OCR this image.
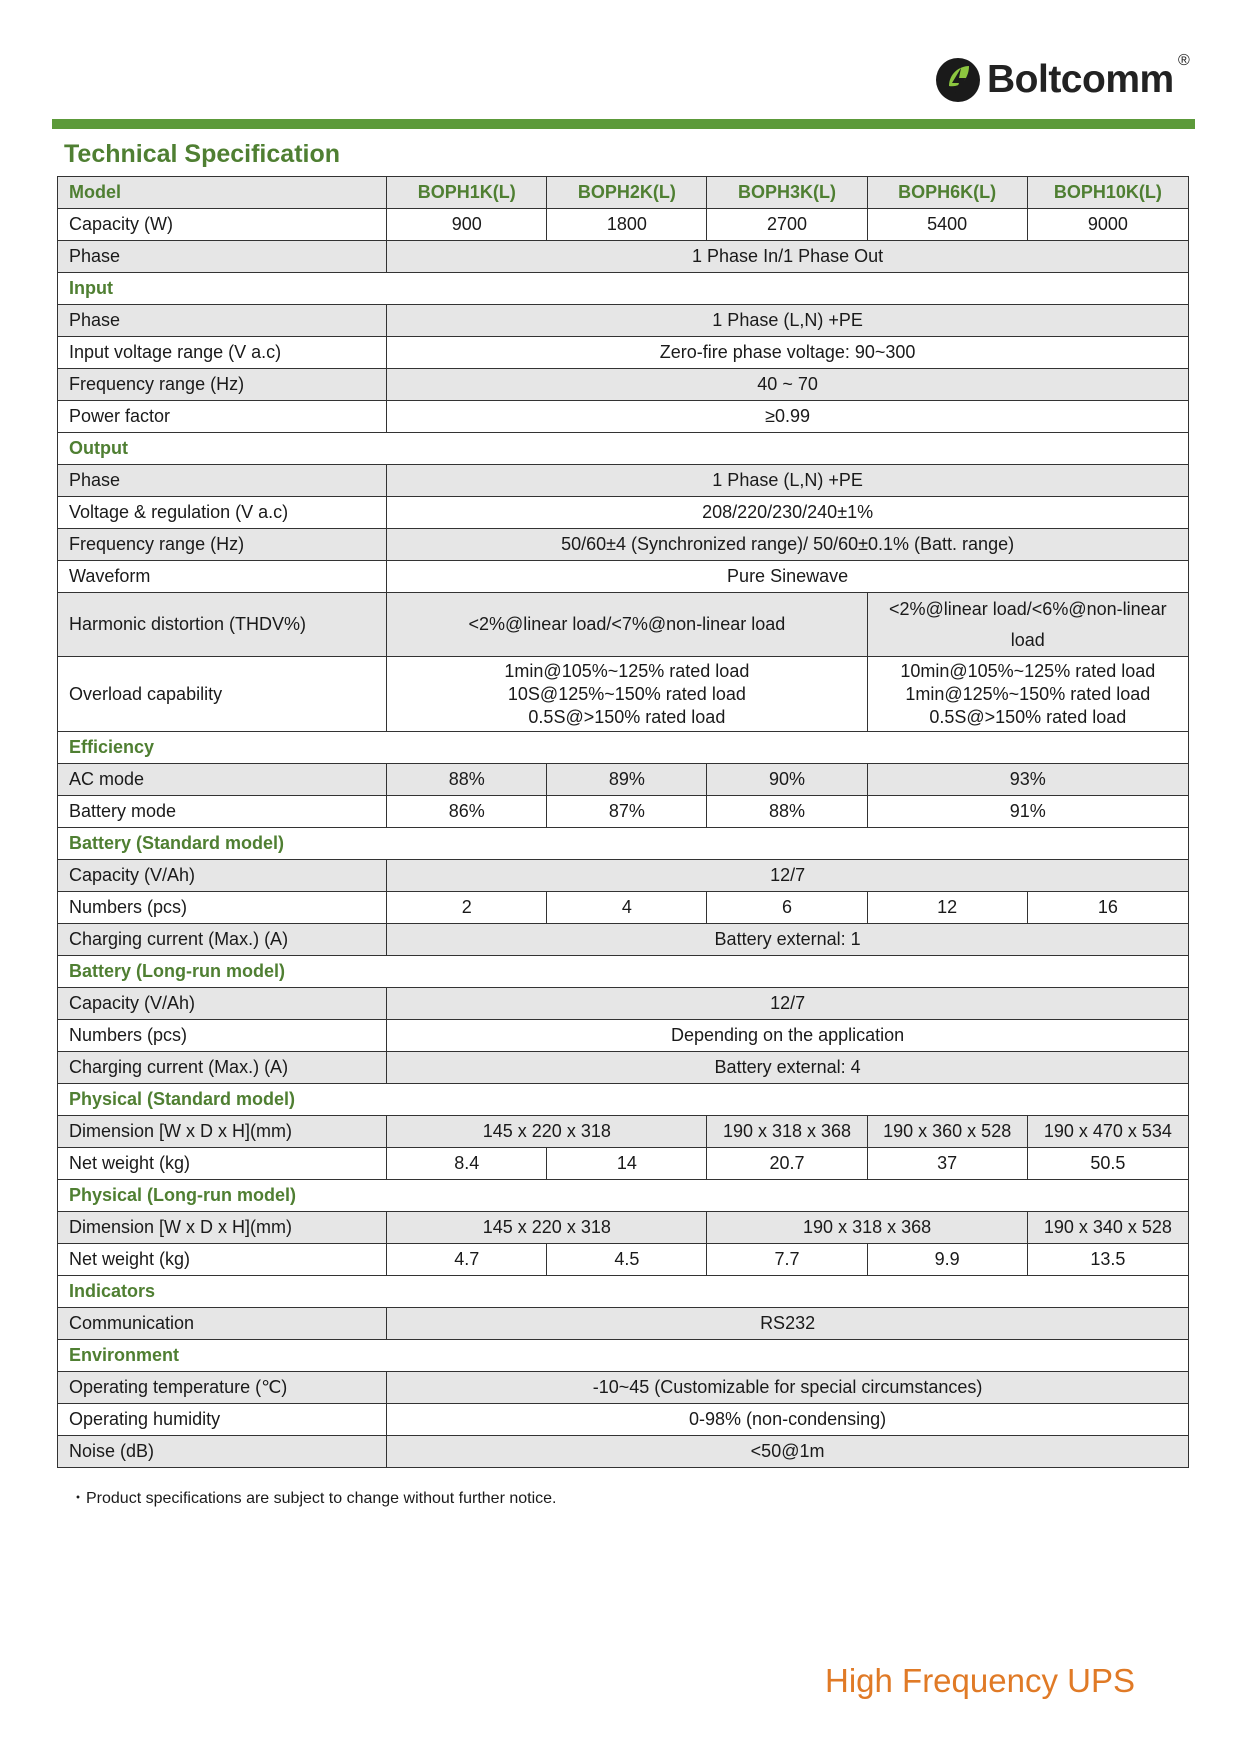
Boltcomm ®
Technical Specification
Model	BOPH1K(L)	BOPH2K(L)	BOPH3K(L)	BOPH6K(L)	BOPH10K(L)
Capacity (W)	900	1800	2700	5400	9000
Phase	1 Phase In/1 Phase Out				
Input					
Phase	1 Phase (L,N) +PE				
Input voltage range (V a.c)	Zero-fire phase voltage: 90~300				
Frequency range (Hz)	40 ~ 70				
Power factor	≥0.99				
Output					
Phase	1 Phase (L,N) +PE				
Voltage & regulation (V a.c)	208/220/230/240±1%				
Frequency range (Hz)	50/60±4 (Synchronized range)/ 50/60±0.1% (Batt. range)				
Waveform	Pure Sinewave				
Harmonic distortion (THDV%)	<2%@linear load/<7%@non-linear load			<2%@linear load/<6%@non-linear
load	

Overload capability	1min@105%~125% rated load
10S@125%~150% rated load
0.5S@>150% rated load			10min@105%~125% rated load
1min@125%~150% rated load
0.5S@>150% rated load	

Efficiency					
AC mode	88%	89%	90%	93%	
Battery mode	86%	87%	88%	91%	
Battery (Standard model)					
Capacity (V/Ah)	12/7				
Numbers (pcs)	2	4	6	12	16
Charging current (Max.) (A)	Battery external: 1				
Battery (Long-run model)					
Capacity (V/Ah)	12/7				
Numbers (pcs)	Depending on the application				
Charging current (Max.) (A)	Battery external: 4				
Physical (Standard model)					
Dimension [W x D x H](mm)	145 x 220 x 318		190 x 318 x 368	190 x 360 x 528	190 x 470 x 534
Net weight (kg)	8.4	14	20.7	37	50.5
Physical (Long-run model)					
Dimension [W x D x H](mm)	145 x 220 x 318		190 x 318 x 368		190 x 340 x 528
Net weight (kg)	4.7	4.5	7.7	9.9	13.5
Indicators					
Communication	RS232				
Environment					
Operating temperature (℃)	-10~45 (Customizable for special circumstances)				
Operating humidity	0-98% (non-condensing)				
Noise (dB)	<50@1m				
・Product specifications are subject to change without further notice.
High Frequency UPS
